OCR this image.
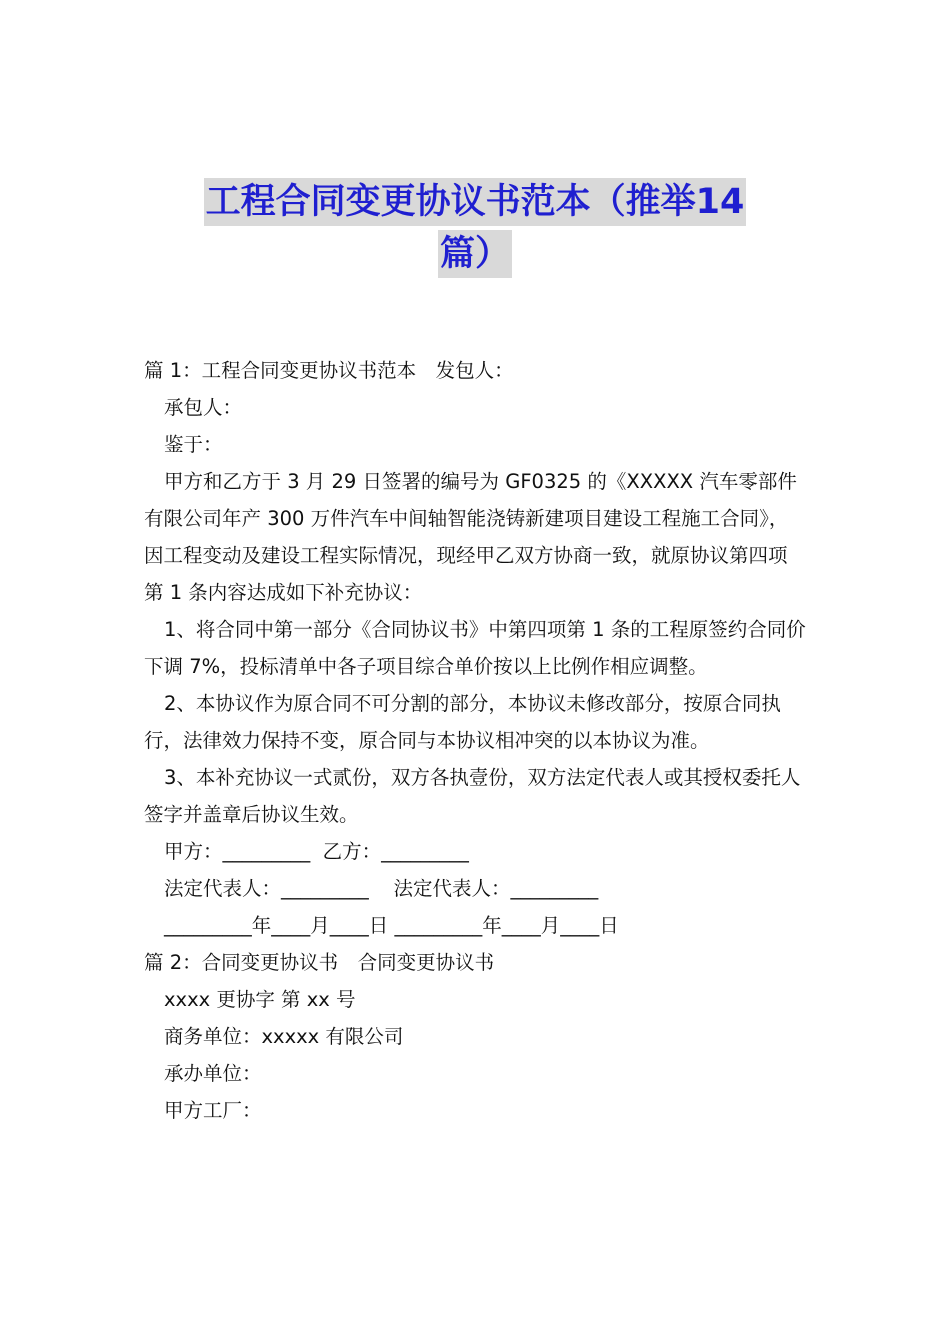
工程合同变更协议书范本（推举14
篇）

篇 1：工程合同变更协议书范本　发包人：

承包人：

鉴于：

甲方和乙方于 3 月 29 日签署的编号为 GF0325 的《XXXXX 汽车零部件有限公司年产 300 万件汽车中间轴智能浇铸新建项目建设工程施工合同》，因工程变动及建设工程实际情况，现经甲乙双方协商一致，就原协议第四项第 1 条内容达成如下补充协议：

1、将合同中第一部分《合同协议书》中第四项第 1 条的工程原签约合同价下调 7%，投标清单中各子项目综合单价按以上比例作相应调整。

2、本协议作为原合同不可分割的部分，本协议未修改部分，按原合同执行，法律效力保持不变，原合同与本协议相冲突的以本协议为准。

3、本补充协议一式贰份，双方各执壹份，双方法定代表人或其授权委托人签字并盖章后协议生效。

甲方：_________  乙方：_________

法定代表人：_________    法定代表人：_________

_________年____月____日 _________年____月____日

篇 2：合同变更协议书　合同变更协议书

xxxx 更协字 第 xx 号

商务单位：xxxxx 有限公司

承办单位：

甲方工厂：
